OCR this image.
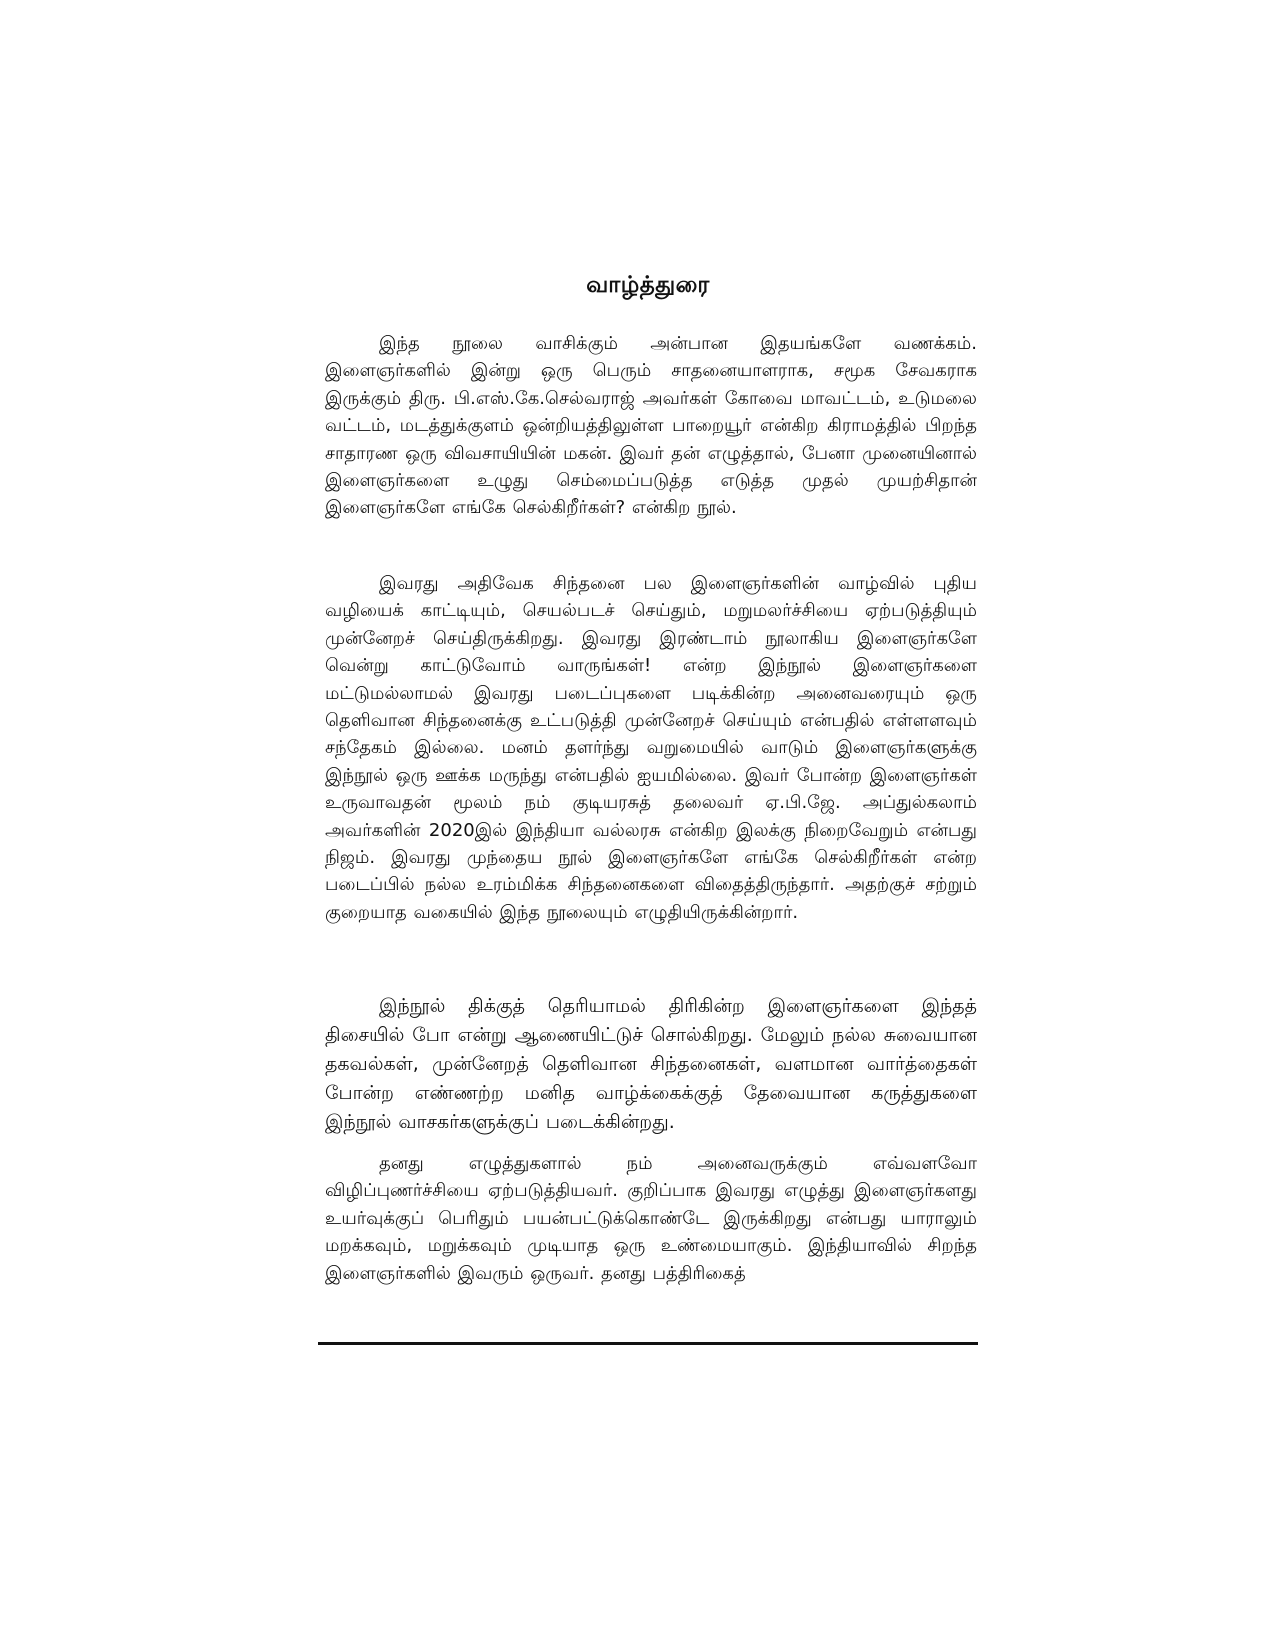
வாழ்த்துரை

இந்த நூலை வாசிக்கும் அன்பான இதயங்களே வணக்கம். இளைஞர்களில் இன்று ஒரு பெரும் சாதனையாளராக, சமூக சேவகராக இருக்கும் திரு. பி.எஸ்.கே.செல்வராஜ் அவர்கள் கோவை மாவட்டம், உடுமலை வட்டம், மடத்துக்குளம் ஒன்றியத்திலுள்ள பாறையூர் என்கிற கிராமத்தில் பிறந்த சாதாரண ஒரு விவசாயியின் மகன். இவர் தன் எழுத்தால், பேனா முனையினால் இளைஞர்களை உழுது செம்மைப்படுத்த எடுத்த முதல் முயற்சிதான் இளைஞர்களே எங்கே செல்கிறீர்கள்? என்கிற நூல்.

இவரது அதிவேக சிந்தனை பல இளைஞர்களின் வாழ்வில் புதிய வழியைக் காட்டியும், செயல்படச் செய்தும், மறுமலர்ச்சியை ஏற்படுத்தியும் முன்னேறச் செய்திருக்கிறது. இவரது இரண்டாம் நூலாகிய இளைஞர்களே வென்று காட்டுவோம் வாருங்கள்! என்ற இந்நூல் இளைஞர்களை மட்டுமல்லாமல் இவரது படைப்புகளை படிக்கின்ற அனைவரையும் ஒரு தெளிவான சிந்தனைக்கு உட்படுத்தி முன்னேறச் செய்யும் என்பதில் எள்ளளவும் சந்தேகம் இல்லை. மனம் தளர்ந்து வறுமையில் வாடும் இளைஞர்களுக்கு இந்நூல் ஒரு ஊக்க மருந்து என்பதில் ஐயமில்லை. இவர் போன்ற இளைஞர்கள் உருவாவதன் மூலம் நம் குடியரசுத் தலைவர் ஏ.பி.ஜே. அப்துல்கலாம் அவர்களின் 2020இல் இந்தியா வல்லரசு என்கிற இலக்கு நிறைவேறும் என்பது நிஜம். இவரது முந்தைய நூல் இளைஞர்களே எங்கே செல்கிறீர்கள் என்ற படைப்பில் நல்ல உரம்மிக்க சிந்தனைகளை விதைத்திருந்தார். அதற்குச் சற்றும் குறையாத வகையில் இந்த நூலையும் எழுதியிருக்கின்றார்.

இந்நூல் திக்குத் தெரியாமல் திரிகின்ற இளைஞர்களை இந்தத் திசையில் போ என்று ஆணையிட்டுச் சொல்கிறது. மேலும் நல்ல சுவையான தகவல்கள், முன்னேறத் தெளிவான சிந்தனைகள், வளமான வார்த்தைகள் போன்ற எண்ணற்ற மனித வாழ்க்கைக்குத் தேவையான கருத்துகளை இந்நூல் வாசகர்களுக்குப் படைக்கின்றது.

தனது எழுத்துகளால் நம் அனைவருக்கும் எவ்வளவோ விழிப்புணர்ச்சியை ஏற்படுத்தியவர். குறிப்பாக இவரது எழுத்து இளைஞர்களது உயர்வுக்குப் பெரிதும் பயன்பட்டுக்கொண்டே இருக்கிறது என்பது யாராலும் மறக்கவும், மறுக்கவும் முடியாத ஒரு உண்மையாகும். இந்தியாவில் சிறந்த இளைஞர்களில் இவரும் ஒருவர். தனது பத்திரிகைத்
